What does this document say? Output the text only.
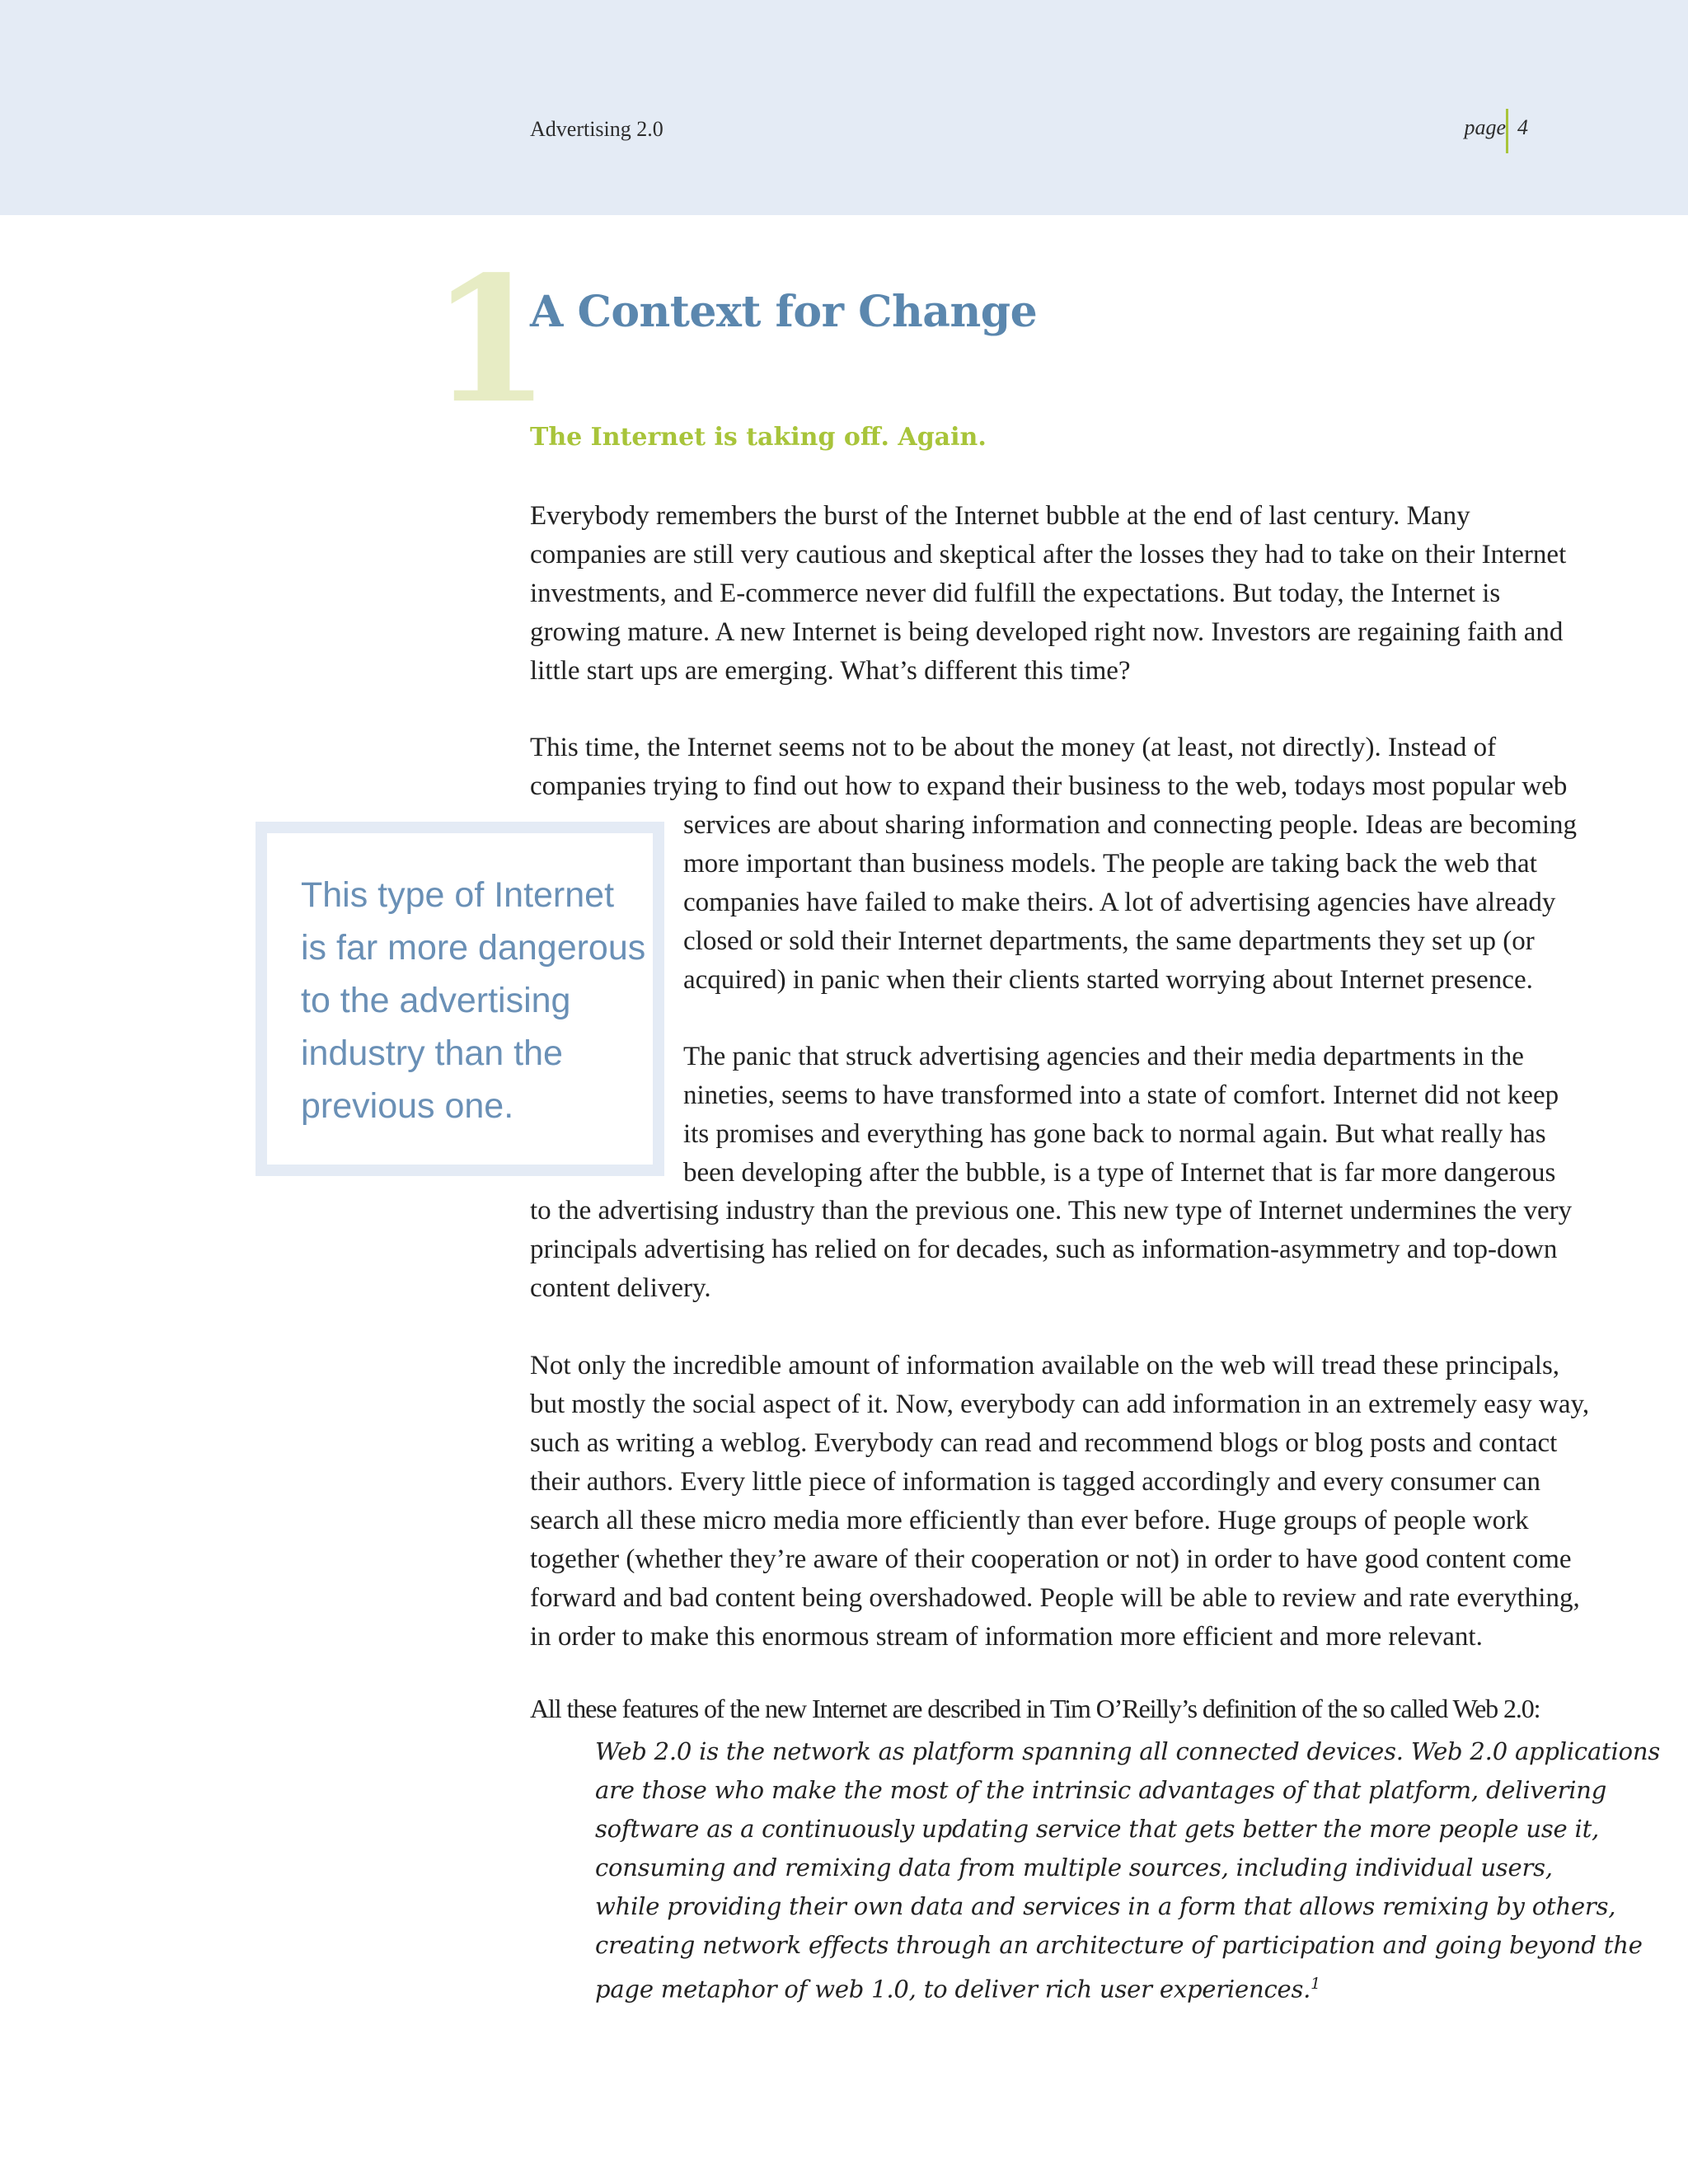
Advertising 2.0	page 4
1
A Context for Change
The Internet is taking off. Again.
Everybody remembers the burst of the Internet bubble at the end of last century. Many
companies are still very cautious and skeptical after the losses they had to take on their Internet
investments, and E-commerce never did fulfill the expectations. But today, the Internet is
growing mature. A new Internet is being developed right now. Investors are regaining faith and
little start ups are emerging. What’s different this time?
This time, the Internet seems not to be about the money (at least, not directly). Instead of
companies trying to find out how to expand their business to the web, todays most popular web
services are about sharing information and connecting people. Ideas are becoming
more important than business models. The people are taking back the web that
companies have failed to make theirs. A lot of advertising agencies have already
closed or sold their Internet departments, the same departments they set up (or
acquired) in panic when their clients started worrying about Internet presence.
The panic that struck advertising agencies and their media departments in the
nineties, seems to have transformed into a state of comfort. Internet did not keep
its promises and everything has gone back to normal again. But what really has
been developing after the bubble, is a type of Internet that is far more dangerous
to the advertising industry than the previous one. This new type of Internet undermines the very
principals advertising has relied on for decades, such as information-asymmetry and top-down
content delivery.
This type of Internet
is far more dangerous
to the advertising
industry than the
previous one.
Not only the incredible amount of information available on the web will tread these principals,
but mostly the social aspect of it. Now, everybody can add information in an extremely easy way,
such as writing a weblog. Everybody can read and recommend blogs or blog posts and contact
their authors. Every little piece of information is tagged accordingly and every consumer can
search all these micro media more efficiently than ever before. Huge groups of people work
together (whether they’re aware of their cooperation or not) in order to have good content come
forward and bad content being overshadowed. People will be able to review and rate everything,
in order to make this enormous stream of information more efficient and more relevant.
All these features of the new Internet are described in Tim O’Reilly’s definition of the so called Web 2.0:
Web 2.0 is the network as platform spanning all connected devices. Web 2.0 applications
are those who make the most of the intrinsic advantages of that platform, delivering
software as a continuously updating service that gets better the more people use it,
consuming and remixing data from multiple sources, including individual users,
while providing their own data and services in a form that allows remixing by others,
creating network effects through an architecture of participation and going beyond the
page metaphor of web 1.0, to deliver rich user experiences.$^1$
